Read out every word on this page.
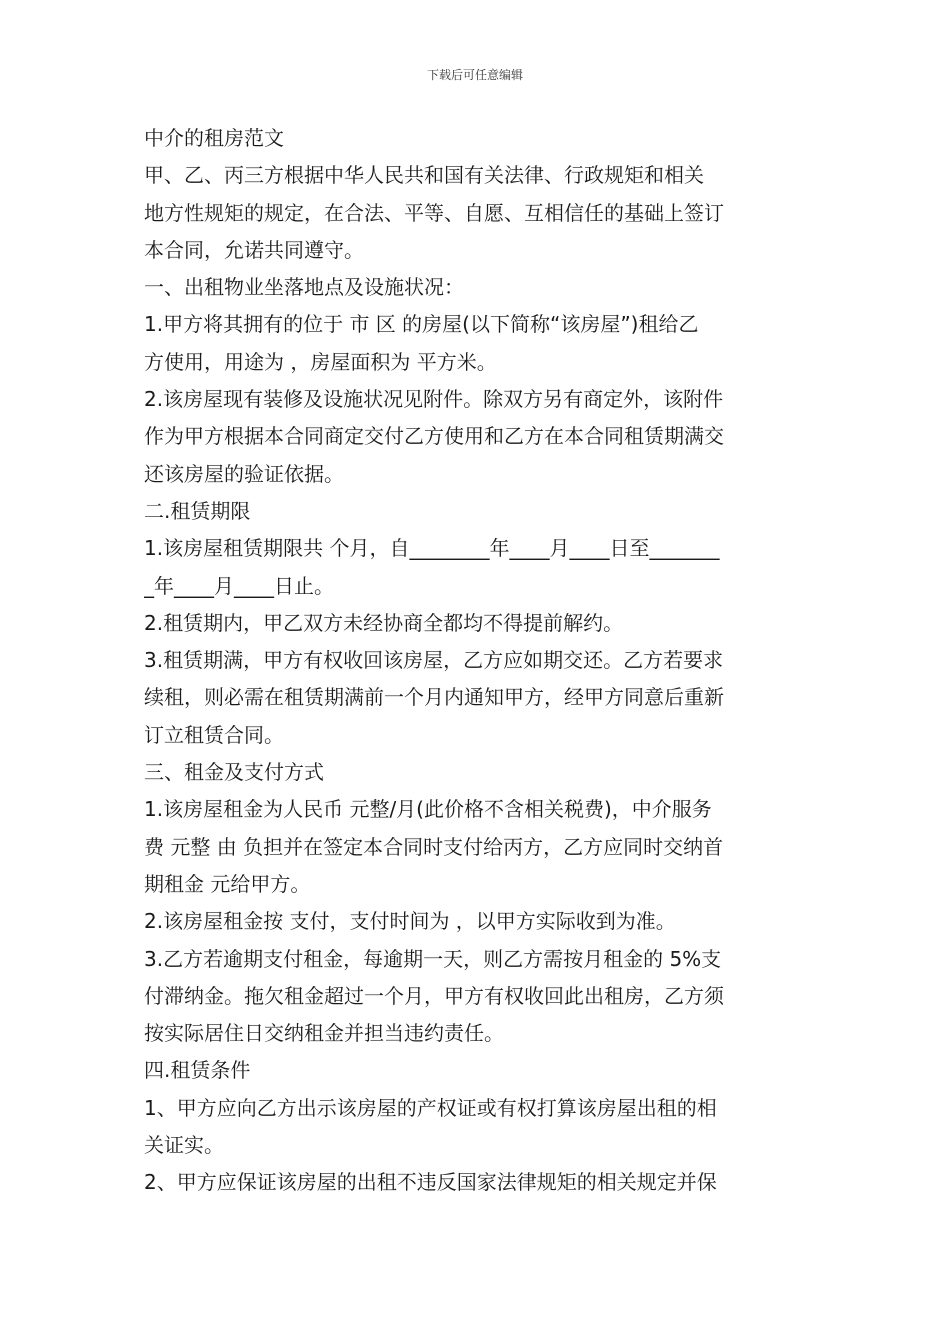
下载后可任意编辑
中介的租房范文
甲、乙、丙三方根据中华人民共和国有关法律、行政规矩和相关
地方性规矩的规定，在合法、平等、自愿、互相信任的基础上签订
本合同，允诺共同遵守。
一、出租物业坐落地点及设施状况：
1.甲方将其拥有的位于 市 区 的房屋(以下简称“该房屋”)租给乙
方使用，用途为 ，房屋面积为 平方米。
2.该房屋现有装修及设施状况见附件。除双方另有商定外，该附件
作为甲方根据本合同商定交付乙方使用和乙方在本合同租赁期满交
还该房屋的验证依据。
二.租赁期限
1.该房屋租赁期限共 个月，自________年____月____日至_______
_年____月____日止。
2.租赁期内，甲乙双方未经协商全都均不得提前解约。
3.租赁期满，甲方有权收回该房屋，乙方应如期交还。乙方若要求
续租，则必需在租赁期满前一个月内通知甲方，经甲方同意后重新
订立租赁合同。
三、租金及支付方式
1.该房屋租金为人民币 元整/月(此价格不含相关税费)，中介服务
费 元整 由 负担并在签定本合同时支付给丙方，乙方应同时交纳首
期租金 元给甲方。
2.该房屋租金按 支付，支付时间为 ，以甲方实际收到为准。
3.乙方若逾期支付租金，每逾期一天，则乙方需按月租金的 5%支
付滞纳金。拖欠租金超过一个月，甲方有权收回此出租房，乙方须
按实际居住日交纳租金并担当违约责任。
四.租赁条件
1、甲方应向乙方出示该房屋的产权证或有权打算该房屋出租的相
关证实。
2、甲方应保证该房屋的出租不违反国家法律规矩的相关规定并保
